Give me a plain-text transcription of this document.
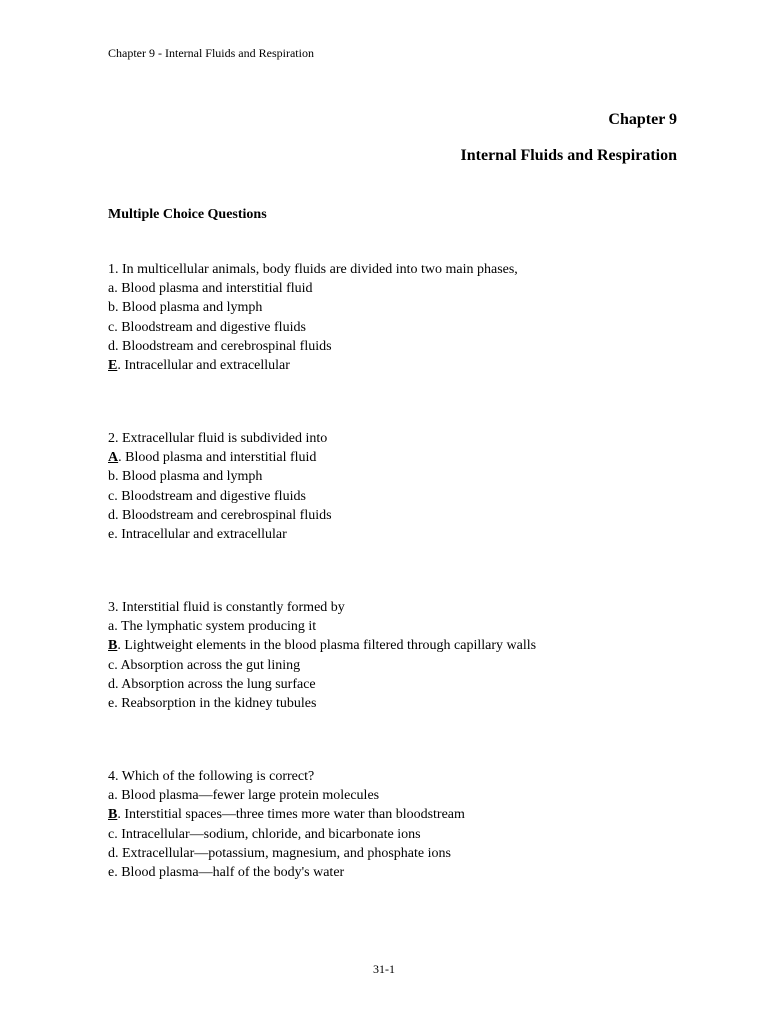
Chapter 9 - Internal Fluids and Respiration
Chapter 9
Internal Fluids and Respiration
Multiple Choice Questions
1. In multicellular animals, body fluids are divided into two main phases,
a. Blood plasma and interstitial fluid
b. Blood plasma and lymph
c. Bloodstream and digestive fluids
d. Bloodstream and cerebrospinal fluids
E. Intracellular and extracellular
2. Extracellular fluid is subdivided into
A. Blood plasma and interstitial fluid
b. Blood plasma and lymph
c. Bloodstream and digestive fluids
d. Bloodstream and cerebrospinal fluids
e. Intracellular and extracellular
3. Interstitial fluid is constantly formed by
a. The lymphatic system producing it
B. Lightweight elements in the blood plasma filtered through capillary walls
c. Absorption across the gut lining
d. Absorption across the lung surface
e. Reabsorption in the kidney tubules
4. Which of the following is correct?
a. Blood plasma—fewer large protein molecules
B. Interstitial spaces—three times more water than bloodstream
c. Intracellular—sodium, chloride, and bicarbonate ions
d. Extracellular—potassium, magnesium, and phosphate ions
e. Blood plasma—half of the body's water
31-1
